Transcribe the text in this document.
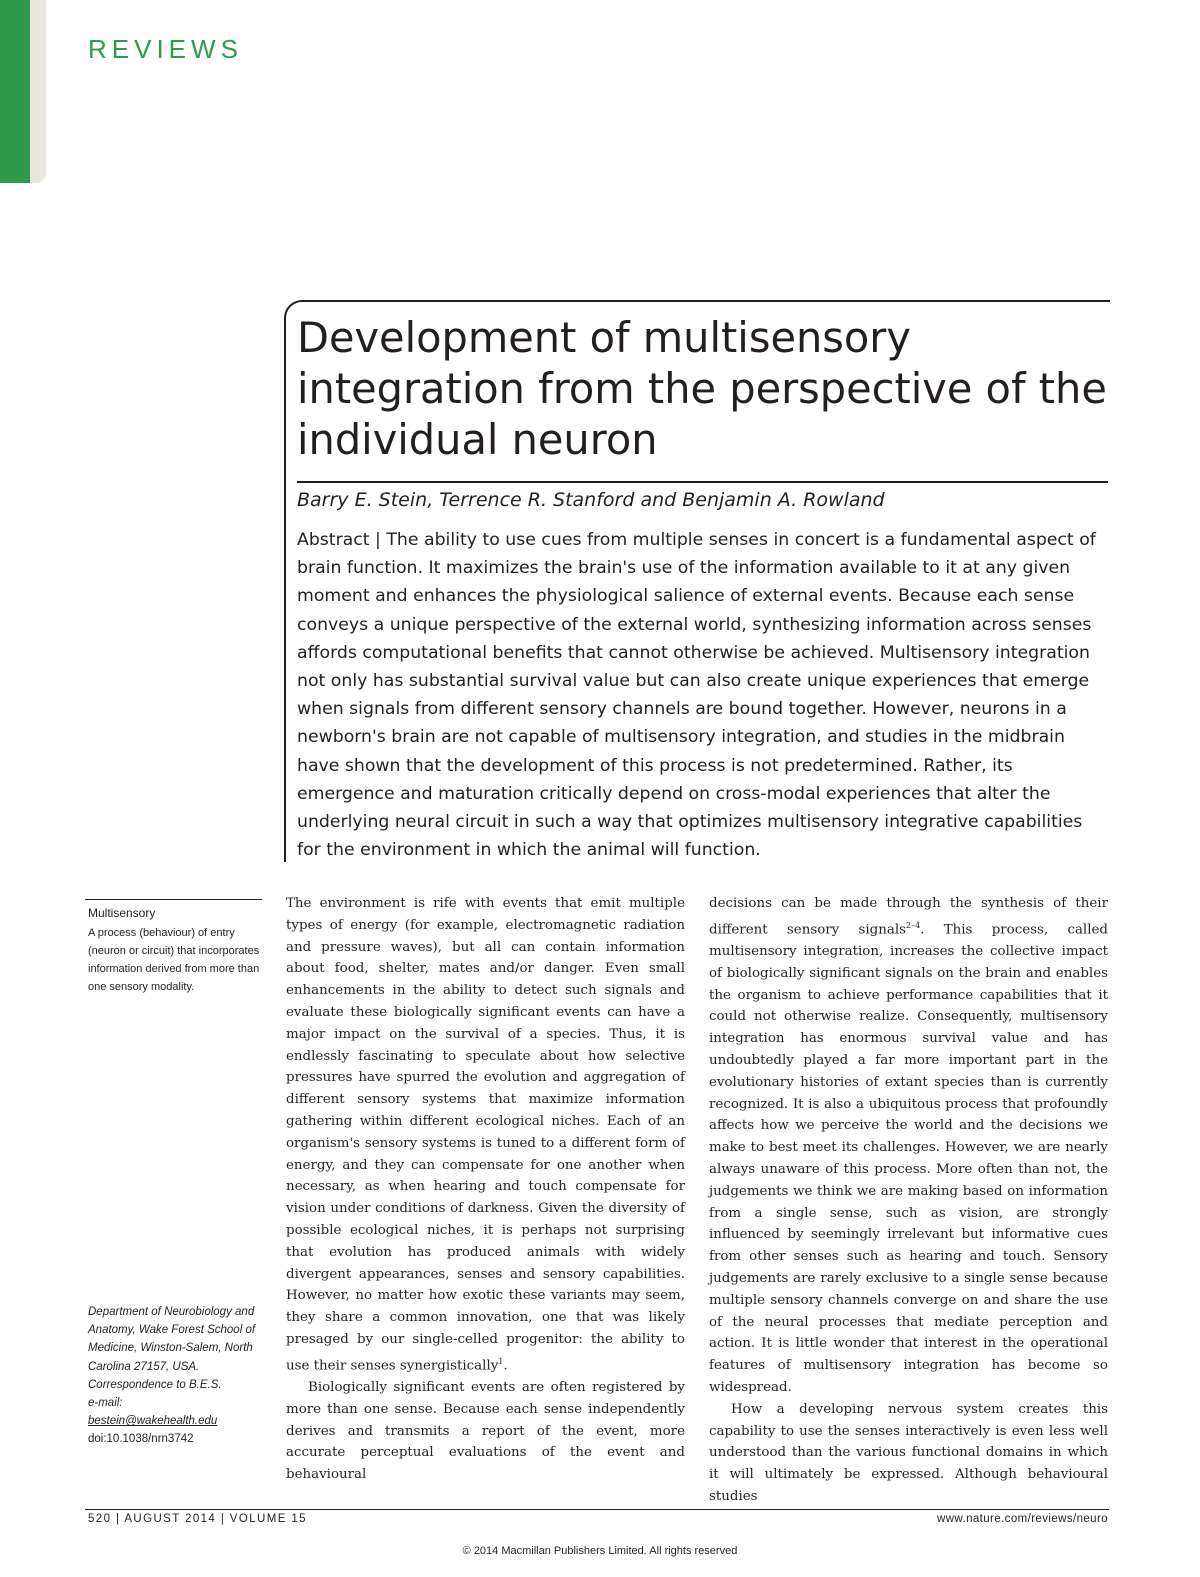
REVIEWS
Development of multisensory integration from the perspective of the individual neuron
Barry E. Stein, Terrence R. Stanford and Benjamin A. Rowland

Abstract | The ability to use cues from multiple senses in concert is a fundamental aspect of brain function. It maximizes the brain's use of the information available to it at any given moment and enhances the physiological salience of external events. Because each sense conveys a unique perspective of the external world, synthesizing information across senses affords computational benefits that cannot otherwise be achieved. Multisensory integration not only has substantial survival value but can also create unique experiences that emerge when signals from different sensory channels are bound together. However, neurons in a newborn's brain are not capable of multisensory integration, and studies in the midbrain have shown that the development of this process is not predetermined. Rather, its emergence and maturation critically depend on cross-modal experiences that alter the underlying neural circuit in such a way that optimizes multisensory integrative capabilities for the environment in which the animal will function.

Multisensory
A process (behaviour) of entry (neuron or circuit) that incorporates information derived from more than one sensory modality.
Department of Neurobiology and Anatomy, Wake Forest School of Medicine, Winston-Salem, North Carolina 27157, USA.
Correspondence to B.E.S.
e-mail:
bestein@wakehealth.edu
doi:10.1038/nrn3742

The environment is rife with events that emit multiple types of energy (for example, electromagnetic radiation and pressure waves), but all can contain information about food, shelter, mates and/or danger. Even small enhancements in the ability to detect such signals and evaluate these biologically significant events can have a major impact on the survival of a species. Thus, it is endlessly fascinating to speculate about how selective pressures have spurred the evolution and aggregation of different sensory systems that maximize information gathering within different ecological niches. Each of an organism's sensory systems is tuned to a different form of energy, and they can compensate for one another when necessary, as when hearing and touch compensate for vision under conditions of darkness. Given the diversity of possible ecological niches, it is perhaps not surprising that evolution has produced animals with widely divergent appearances, senses and sensory capabilities. However, no matter how exotic these variants may seem, they share a common innovation, one that was likely presaged by our single-celled progenitor: the ability to use their senses synergistically$^1$.

Biologically significant events are often registered by more than one sense. Because each sense independently derives and transmits a report of the event, more accurate perceptual evaluations of the event and behavioural

decisions can be made through the synthesis of their different sensory signals$^{2-4}$. This process, called multisensory integration, increases the collective impact of biologically significant signals on the brain and enables the organism to achieve performance capabilities that it could not otherwise realize. Consequently, multisensory integration has enormous survival value and has undoubtedly played a far more important part in the evolutionary histories of extant species than is currently recognized. It is also a ubiquitous process that profoundly affects how we perceive the world and the decisions we make to best meet its challenges. However, we are nearly always unaware of this process. More often than not, the judgements we think we are making based on information from a single sense, such as vision, are strongly influenced by seemingly irrelevant but informative cues from other senses such as hearing and touch. Sensory judgements are rarely exclusive to a single sense because multiple sensory channels converge on and share the use of the neural processes that mediate perception and action. It is little wonder that interest in the operational features of multisensory integration has become so widespread.

How a developing nervous system creates this capability to use the senses interactively is even less well understood than the various functional domains in which it will ultimately be expressed. Although behavioural studies

520 | AUGUST 2014 | VOLUME 15	www.nature.com/reviews/neuro
© 2014 Macmillan Publishers Limited. All rights reserved
